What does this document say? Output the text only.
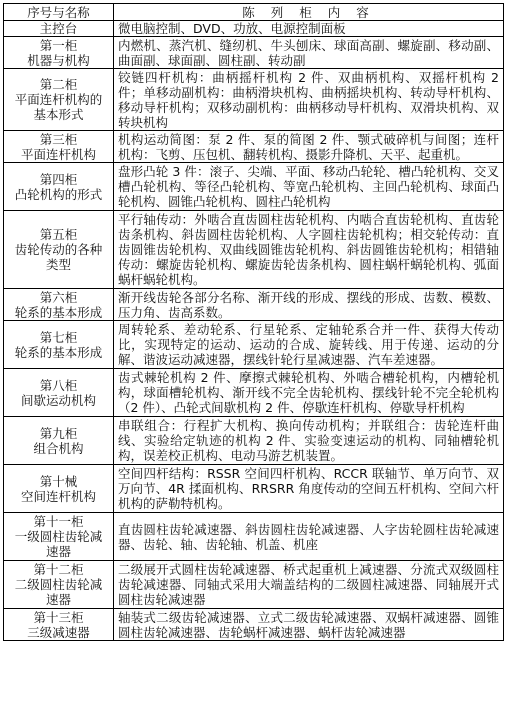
序号与名称	陈 列 柜 内 容

主控台	微电脑控制、DVD、功放、电源控制面板

第一柜
机器与机构	内燃机、蒸汽机、缝纫机、牛头刨床、球面高副、螺旋副、移动副、曲面副、球面副、圆柱副、转动副

第二柜
平面连杆机构的
基本形式	铰链四杆机构：曲柄摇杆机构 2 件、双曲柄机构、双摇杆机构 2 件；单移动副机构：曲柄滑块机构、曲柄摇块机构、转动导杆机构、移动导杆机构；双移动副机构：曲柄移动导杆机构、双滑块机构、双转块机构

第三柜
平面连杆机构	机构运动简图：泵 2 件、泵的简图 2 件、颚式破碎机与间图；连杆机构：飞剪、压包机、翻转机构、摄影升降机、天平、起重机。

第四柜
凸轮机构的形式	盘形凸轮 3 件：滚子、尖端、平面、移动凸轮轮、槽凸轮机构、交叉槽凸轮机构、等径凸轮机构、等宽凸轮机构、主回凸轮机构、球面凸轮机构、圆锥凸轮机构、圆柱凸轮机构

第五柜
齿轮传动的各种
类型	平行轴传动：外啮合直齿圆柱齿轮机构、内啮合直齿轮机构、直齿轮齿条机构、斜齿圆柱齿轮机构、人字圆柱齿轮机构；相交轮传动：直齿圆锥齿轮机构、双曲线圆锥齿轮机构、斜齿圆锥齿轮机构；相错轴传动：螺旋齿轮机构、螺旋齿轮齿条机构、圆柱蜗杆蜗轮机构、弧面蜗杆蜗轮机构。

第六柜
轮系的基本形成	渐开线齿轮各部分名称、渐开线的形成、摆线的形成、齿数、模数、压力角、齿高系数。

第七柜
轮系的基本形成	周转轮系、差动轮系、行星轮系、定轴轮系合并一件、获得大传动比，实现特定的运动、运动的合成、旋转线、用于传递、运动的分解、谐波运动减速器，摆线针轮行星减速器、汽车差速器。

第八柜
间歇运动机构	齿式棘轮机构 2 件、摩擦式棘轮机构、外啮合槽轮机构，内槽轮机构，球面槽轮机构、渐开线不完全齿轮机构、摆线针轮不完全轮机构（2 件）、凸轮式间歇机构 2 件、停歇连杆机构、停歇导杆机构

第九柜
组合机构	串联组合：行程扩大机构、换向传动机构；并联组合：齿轮连杆曲线、实验给定轨迹的机构 2 件、实验变速运动的机构、同轴槽轮机构，误差校正机构、电动马游艺机装置。

第十械
空间连杆机构	空间四杆结构：RSSR 空间四杆机构、RCCR 联轴节、单万向节、双万向节、4R 揉面机构、RRSRR 角度传动的空间五杆机构、空间六杆机构的萨勒特机构。

第十一柜
一级圆柱齿轮减
速器	直齿圆柱齿轮减速器、斜齿圆柱齿轮减速器、人字齿轮圆柱齿轮减速器、齿轮、轴、齿轮轴、机盖、机座

第十二柜
二级圆柱齿轮减
速器	二级展开式圆柱齿轮减速器、桥式起重机上减速器、分流式双级圆柱齿轮减速器、同轴式采用大端盖结构的二级圆柱减速器、同轴展开式圆柱齿轮减速器

第十三柜
三级减速器	轴装式二级齿轮减速器、立式二级齿轮减速器、双蜗杆减速器、圆锥圆柱齿轮减速器、齿轮蜗杆减速器、蜗杆齿轮减速器
